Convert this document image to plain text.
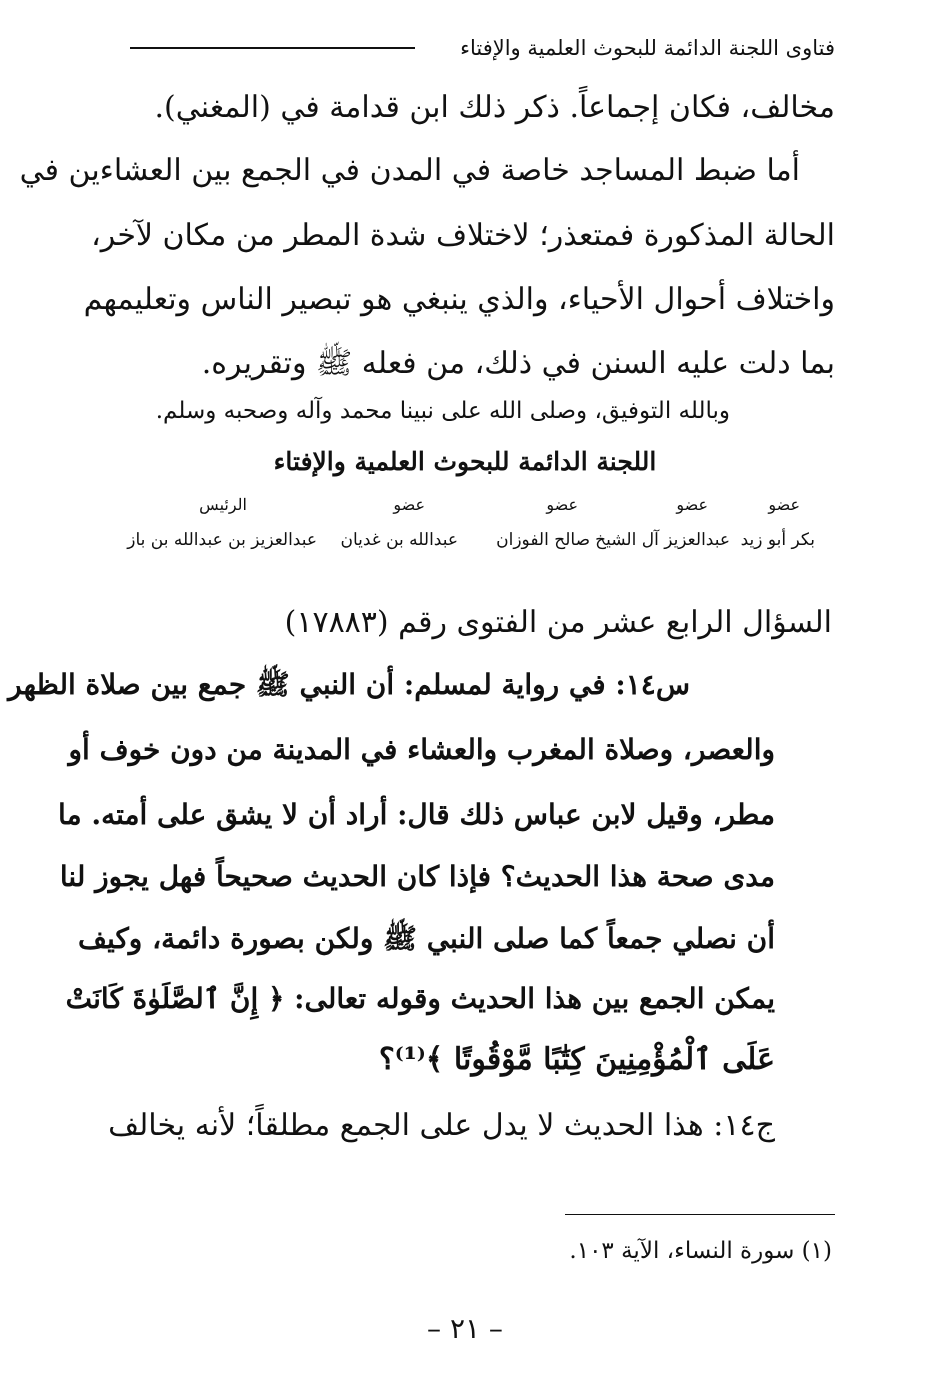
فتاوى اللجنة الدائمة للبحوث العلمية والإفتاء
مخالف، فكان إجماعاً. ذكر ذلك ابن قدامة في (المغني).
أما ضبط المساجد خاصة في المدن في الجمع بين العشاءين في
الحالة المذكورة فمتعذر؛ لاختلاف شدة المطر من مكان لآخر،
واختلاف أحوال الأحياء، والذي ينبغي هو تبصير الناس وتعليمهم
بما دلت عليه السنن في ذلك، من فعله ﷺ وتقريره.
وبالله التوفيق، وصلى الله على نبينا محمد وآله وصحبه وسلم.
اللجنة الدائمة للبحوث العلمية والإفتاء
عضو
عضو
عضو
عضو
الرئيس
بكر أبو زيد
عبدالعزيز آل الشيخ
صالح الفوزان
عبدالله بن غديان
عبدالعزيز بن عبدالله بن باز
السؤال الرابع عشر من الفتوى رقم (١٧٨٨٣)
س١٤: في رواية لمسلم: أن النبي ﷺ جمع بين صلاة الظهر
والعصر، وصلاة المغرب والعشاء في المدينة من دون خوف أو
مطر، وقيل لابن عباس ذلك قال: أراد أن لا يشق على أمته. ما
مدى صحة هذا الحديث؟ فإذا كان الحديث صحيحاً فهل يجوز لنا
أن نصلي جمعاً كما صلى النبي ﷺ ولكن بصورة دائمة، وكيف
يمكن الجمع بين هذا الحديث وقوله تعالى: ﴿ إِنَّ ٱلصَّلَوٰةَ كَانَتْ
عَلَى ٱلْمُؤْمِنِينَ كِتَٰبًا مَّوْقُوتًا ﴾⁽¹⁾؟
ج١٤: هذا الحديث لا يدل على الجمع مطلقاً؛ لأنه يخالف
(١) سورة النساء، الآية ١٠٣.
– ٢١ –
